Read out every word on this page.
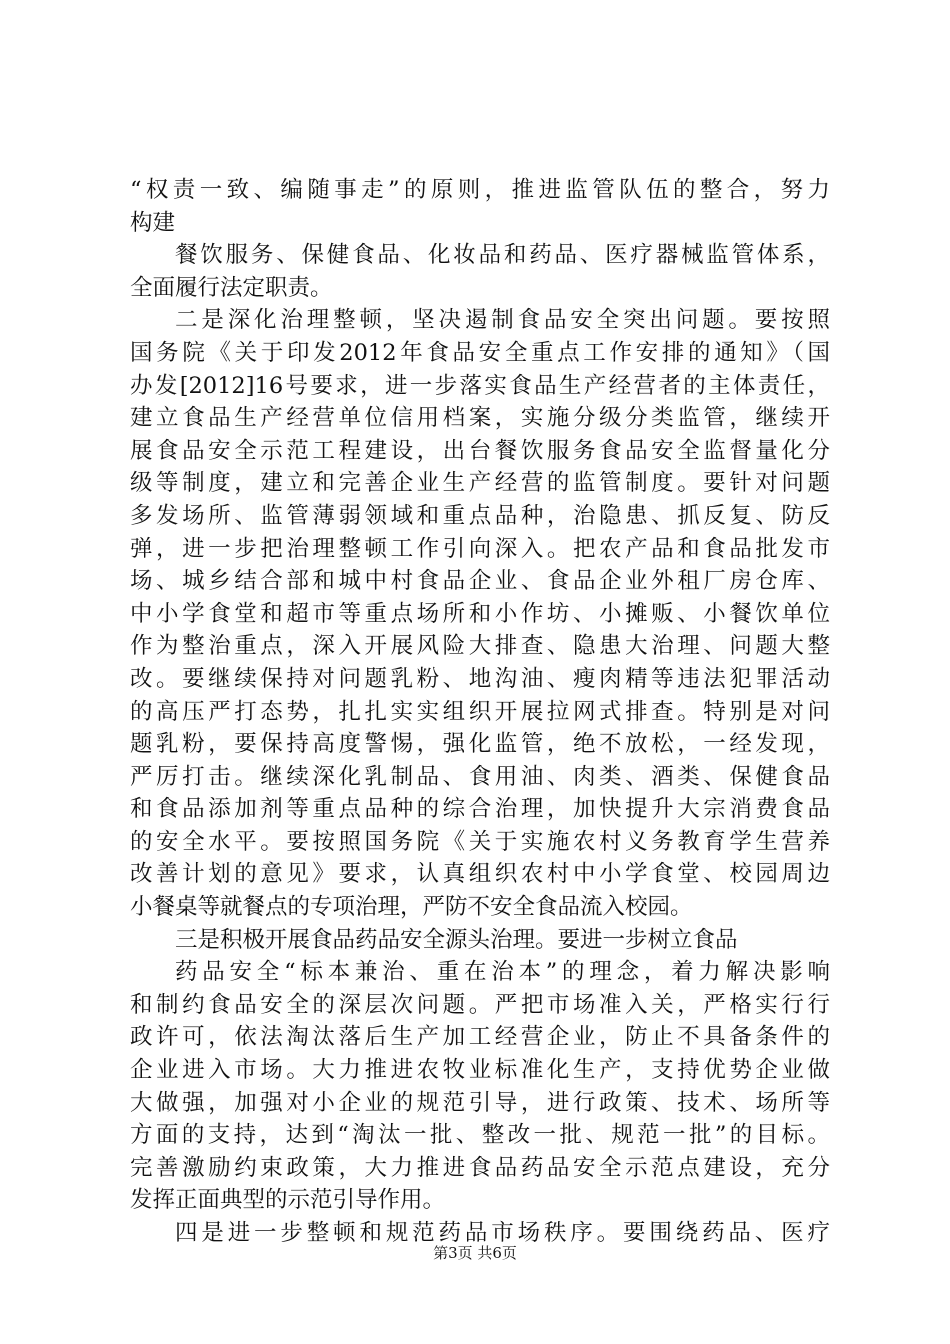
“权责一致、编随事走”的原则，推进监管队伍的整合，努力
构建
餐饮服务、保健食品、化妆品和药品、医疗器械监管体系，
全面履行法定职责。
二是深化治理整顿，坚决遏制食品安全突出问题。要按照
国务院《关于印发2012年食品安全重点工作安排的通知》（国
办发[2012]16号要求，进一步落实食品生产经营者的主体责任，
建立食品生产经营单位信用档案，实施分级分类监管，继续开
展食品安全示范工程建设，出台餐饮服务食品安全监督量化分
级等制度，建立和完善企业生产经营的监管制度。要针对问题
多发场所、监管薄弱领域和重点品种，治隐患、抓反复、防反
弹，进一步把治理整顿工作引向深入。把农产品和食品批发市
场、城乡结合部和城中村食品企业、食品企业外租厂房仓库、
中小学食堂和超市等重点场所和小作坊、小摊贩、小餐饮单位
作为整治重点，深入开展风险大排查、隐患大治理、问题大整
改。要继续保持对问题乳粉、地沟油、瘦肉精等违法犯罪活动
的高压严打态势，扎扎实实组织开展拉网式排查。特别是对问
题乳粉，要保持高度警惕，强化监管，绝不放松，一经发现，
严厉打击。继续深化乳制品、食用油、肉类、酒类、保健食品
和食品添加剂等重点品种的综合治理，加快提升大宗消费食品
的安全水平。要按照国务院《关于实施农村义务教育学生营养
改善计划的意见》要求，认真组织农村中小学食堂、校园周边
小餐桌等就餐点的专项治理，严防不安全食品流入校园。
三是积极开展食品药品安全源头治理。要进一步树立食品
药品安全“标本兼治、重在治本”的理念，着力解决影响
和制约食品安全的深层次问题。严把市场准入关，严格实行行
政许可，依法淘汰落后生产加工经营企业，防止不具备条件的
企业进入市场。大力推进农牧业标准化生产，支持优势企业做
大做强，加强对小企业的规范引导，进行政策、技术、场所等
方面的支持，达到“淘汰一批、整改一批、规范一批”的目标。
完善激励约束政策，大力推进食品药品安全示范点建设，充分
发挥正面典型的示范引导作用。
四是进一步整顿和规范药品市场秩序。要围绕药品、医疗
第3页 共6页
